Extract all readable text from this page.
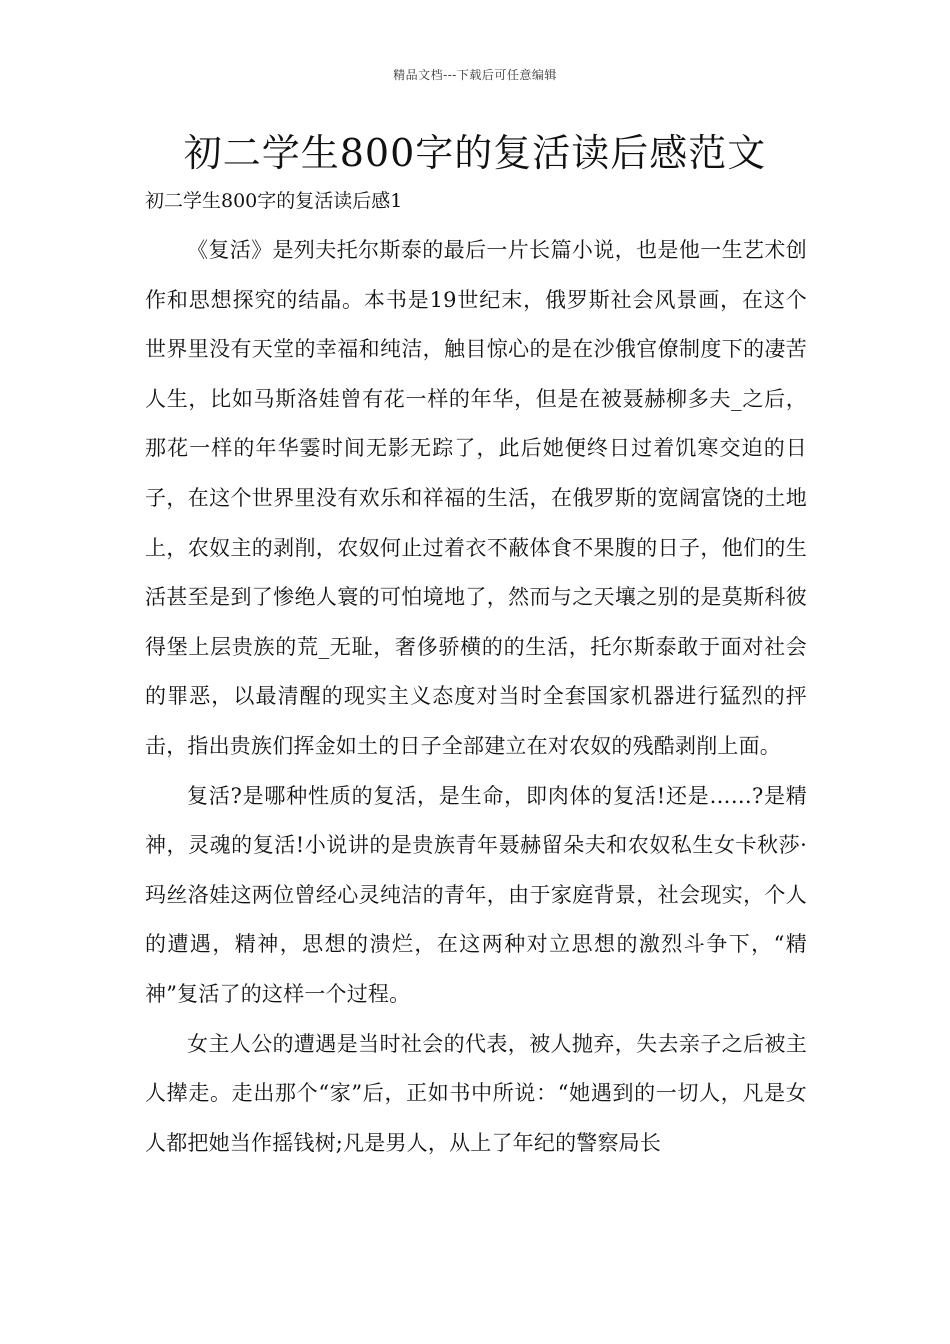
精品文档---下载后可任意编辑
初二学生800字的复活读后感范文
初二学生800字的复活读后感1

《复活》是列夫托尔斯泰的最后一片长篇小说，也是他一生艺术创作和思想探究的结晶。本书是19世纪末，俄罗斯社会风景画，在这个世界里没有天堂的幸福和纯洁，触目惊心的是在沙俄官僚制度下的凄苦人生，比如马斯洛娃曾有花一样的年华，但是在被聂赫柳多夫_之后，那花一样的年华霎时间无影无踪了，此后她便终日过着饥寒交迫的日子，在这个世界里没有欢乐和祥福的生活，在俄罗斯的宽阔富饶的土地上，农奴主的剥削，农奴何止过着衣不蔽体食不果腹的日子，他们的生活甚至是到了惨绝人寰的可怕境地了，然而与之天壤之别的是莫斯科彼得堡上层贵族的荒_无耻，奢侈骄横的的生活，托尔斯泰敢于面对社会的罪恶，以最清醒的现实主义态度对当时全套国家机器进行猛烈的抨击，指出贵族们挥金如土的日子全部建立在对农奴的残酷剥削上面。

复活?是哪种性质的复活，是生命，即肉体的复活!还是……?是精神，灵魂的复活!小说讲的是贵族青年聂赫留朵夫和农奴私生女卡秋莎·玛丝洛娃这两位曾经心灵纯洁的青年，由于家庭背景，社会现实，个人的遭遇，精神，思想的溃烂，在这两种对立思想的激烈斗争下，“精神”复活了的这样一个过程。

女主人公的遭遇是当时社会的代表，被人抛弃，失去亲子之后被主人撵走。走出那个“家”后，正如书中所说：“她遇到的一切人，凡是女人都把她当作摇钱树;凡是男人，从上了年纪的警察局长
